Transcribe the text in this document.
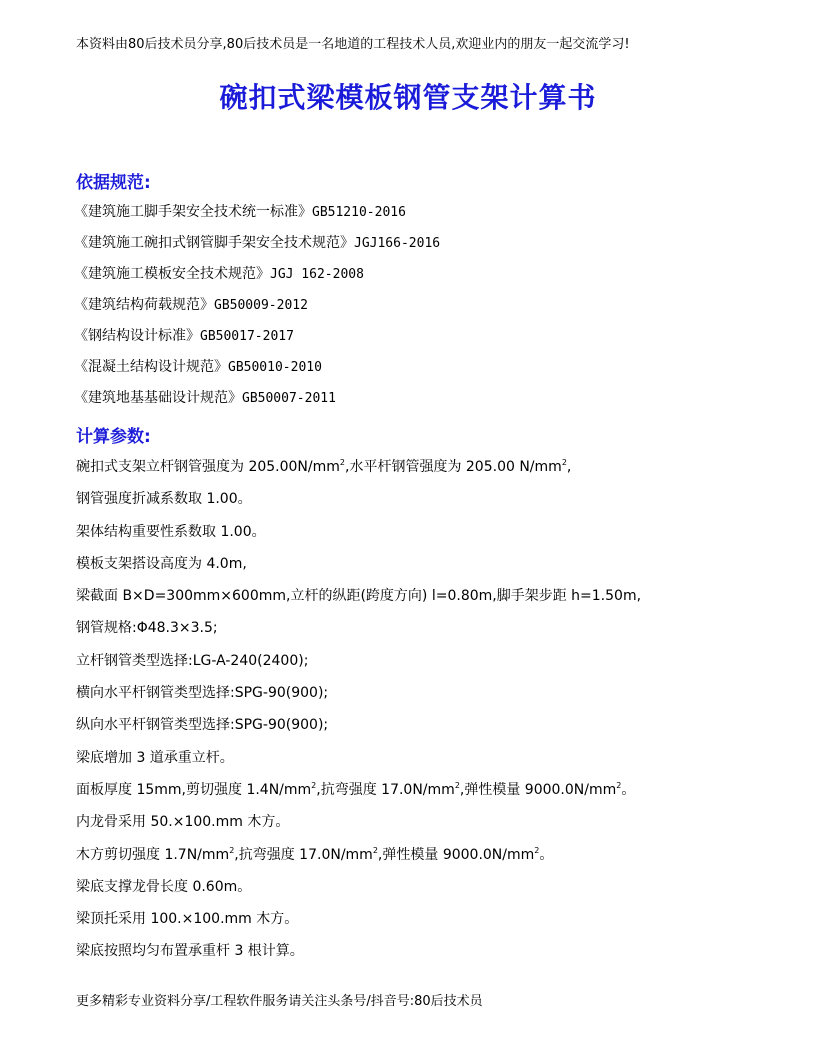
本资料由80后技术员分享,80后技术员是一名地道的工程技术人员,欢迎业内的朋友一起交流学习!
碗扣式梁模板钢管支架计算书
依据规范:
《建筑施工脚手架安全技术统一标准》GB51210-2016
《建筑施工碗扣式钢管脚手架安全技术规范》JGJ166-2016
《建筑施工模板安全技术规范》JGJ 162-2008
《建筑结构荷载规范》GB50009-2012
《钢结构设计标准》GB50017-2017
《混凝土结构设计规范》GB50010-2010
《建筑地基基础设计规范》GB50007-2011
计算参数:
碗扣式支架立杆钢管强度为 $205.00N/mm^2$,水平杆钢管强度为 205.00 $N/mm^2$,
钢管强度折减系数取 1.00。
架体结构重要性系数取 1.00。
模板支架搭设高度为 4.0m,
梁截面 B×D=300mm×600mm,立杆的纵距(跨度方向) l=0.80m,脚手架步距 h=1.50m,
钢管规格:Φ48.3×3.5;
立杆钢管类型选择:LG-A-240(2400);
横向水平杆钢管类型选择:SPG-90(900);
纵向水平杆钢管类型选择:SPG-90(900);
梁底增加 3 道承重立杆。
面板厚度 15mm,剪切强度 $1.4N/mm^2$,抗弯强度 $17.0N/mm^2$,弹性模量 $9000.0N/mm^2$。
内龙骨采用 50.×100.mm 木方。
木方剪切强度 $1.7N/mm^2$,抗弯强度 $17.0N/mm^2$,弹性模量 $9000.0N/mm^2$。
梁底支撑龙骨长度 0.60m。
梁顶托采用 100.×100.mm 木方。
梁底按照均匀布置承重杆 3 根计算。
更多精彩专业资料分享/工程软件服务请关注头条号/抖音号:80后技术员
